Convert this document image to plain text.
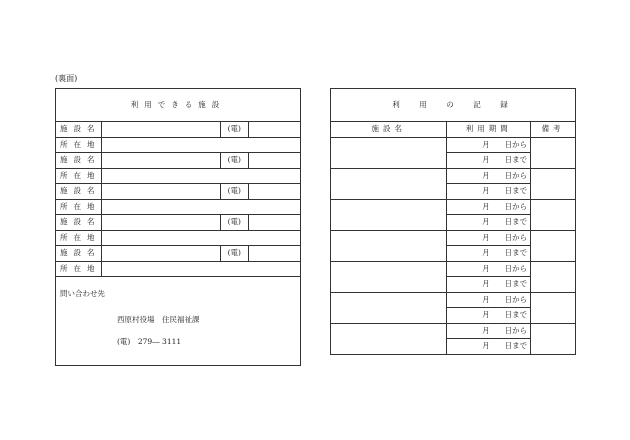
(裏面)
利用できる施設			
施設名		(電)	
所在地			
施設名		(電)	
所在地			
施設名		(電)	
所在地			
施設名		(電)	
所在地			
施設名		(電)	
所在地			

問い合わせ先
西原村役場　住民福祉課
(電)　279― 3111			
利　用　の　記　録		
施設名	利用期間	備考
	月　　日から	
	月　　日まで	
	月　　日から	
	月　　日まで	
	月　　日から	
	月　　日まで	
	月　　日から	
	月　　日まで	
	月　　日から	
	月　　日まで	
	月　　日から	
	月　　日まで	
	月　　日から	
	月　　日まで	
